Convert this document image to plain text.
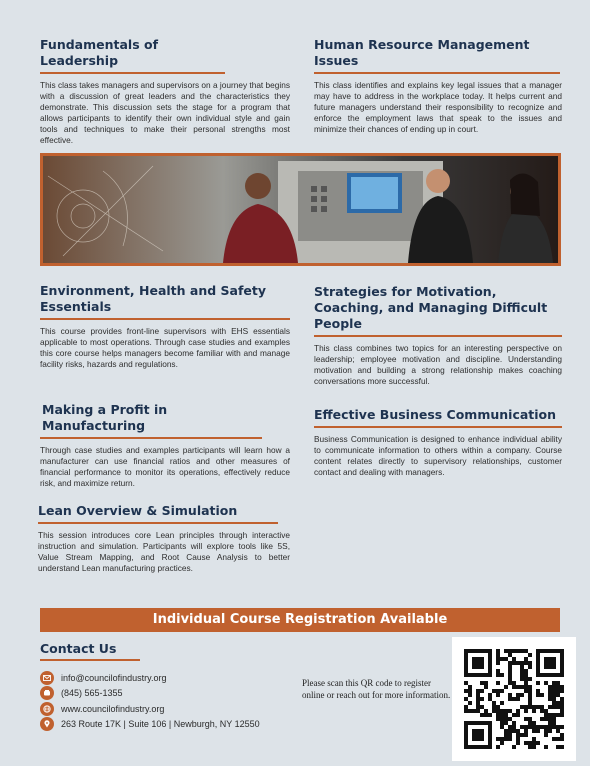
Fundamentals of Leadership
This class takes managers and supervisors on a journey that begins with a discussion of great leaders and the characteristics they demonstrate. This discussion sets the stage for a program that allows participants to identify their own individual style and gain tools and techniques to make their personal strengths most effective.
Environment, Health and Safety Essentials
This course provides front-line supervisors with EHS essentials applicable to most operations. Through case studies and examples this core course helps managers become familiar with and manage facility risks, hazards and regulations.
Making a Profit in Manufacturing
Through case studies and examples participants will learn how a manufacturer can use financial ratios and other measures of financial performance to monitor its operations, effectively reduce risk, and maximize return.
Lean Overview & Simulation
This session introduces core Lean principles through interactive instruction and simulation. Participants will explore tools like 5S, Value Stream Mapping, and Root Cause Analysis to better understand Lean manufacturing practices.
Human Resource Management Issues
This class identifies and explains key legal issues that a manager may have to address in the workplace today. It helps current and future managers understand their responsibility to recognize and enforce the employment laws that speak to the issues and minimize their chances of ending up in court.
Strategies for Motivation, Coaching, and Managing Difficult People
This class combines two topics for an interesting perspective on leadership; employee motivation and discipline. Understanding motivation and building a strong relationship makes coaching conversations more successful.
Effective Business Communication
Business Communication is designed to enhance individual ability to communicate information to others within a company. Course content relates directly to supervisory relationships, customer contact and dealing with managers.
Individual Course Registration Available
Contact Us
info@councilofindustry.org
(845) 565-1355
www.councilofindustry.org
263 Route 17K | Suite 106 | Newburgh, NY 12550
Please scan this QR code to register online or reach out for more information.
